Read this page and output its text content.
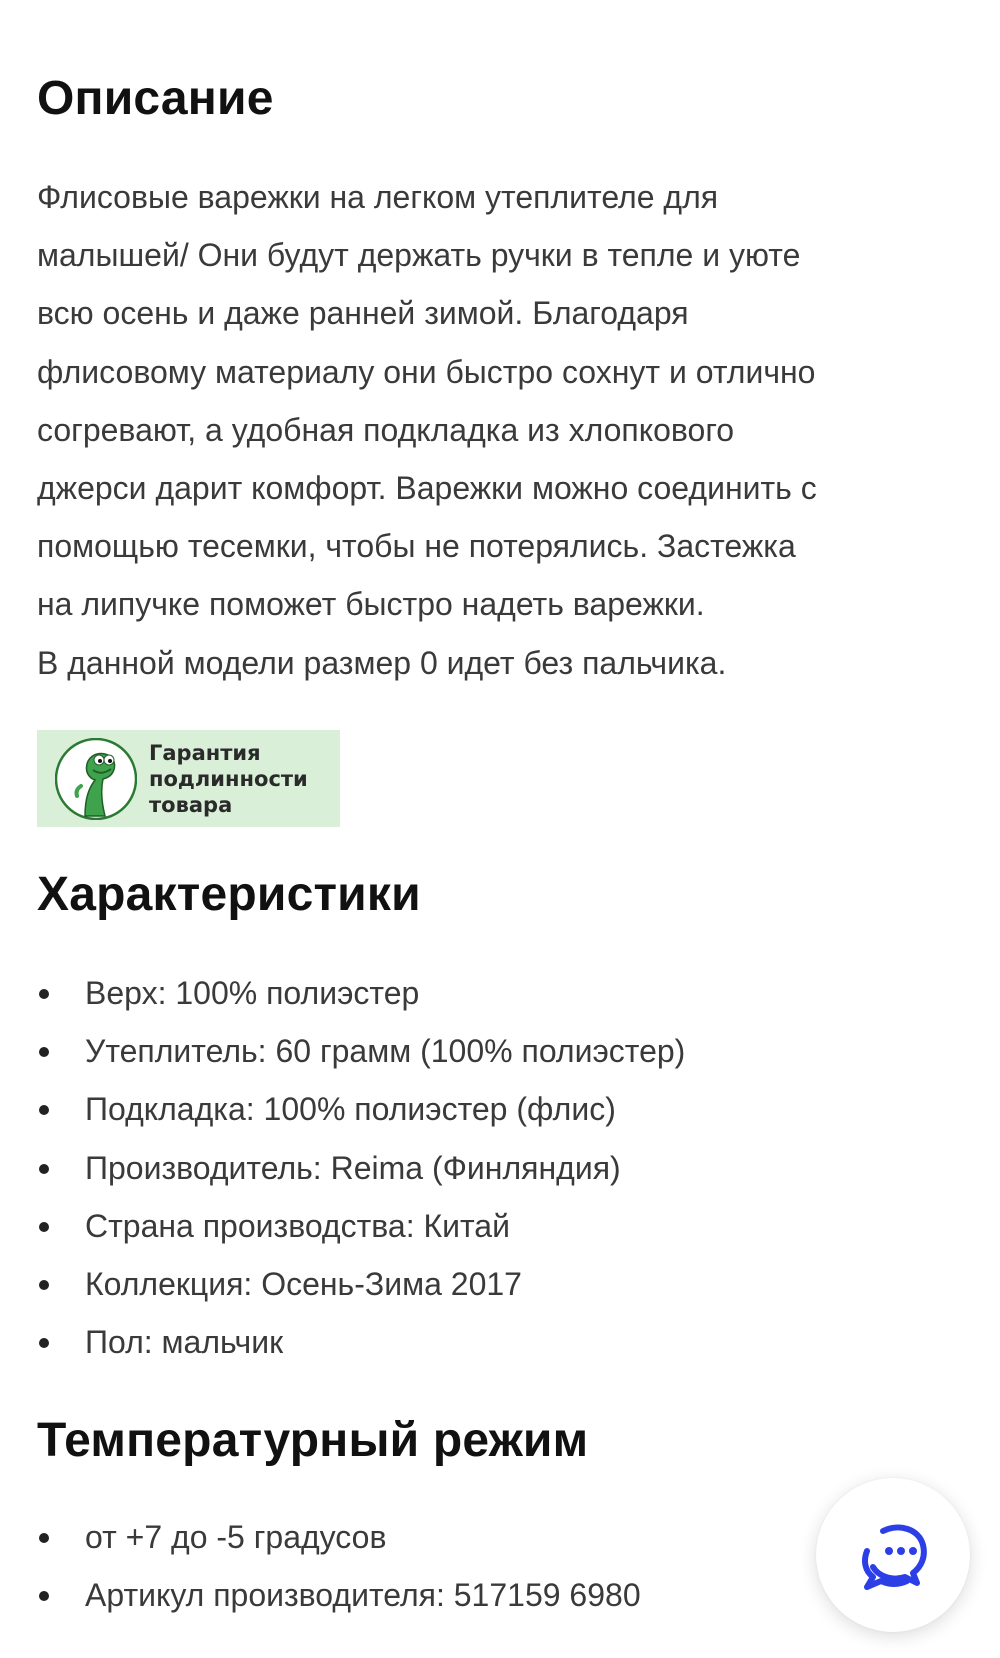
Описание

Флисовые варежки на легком утеплителе для

малышей/ Они будут держать ручки в тепле и уюте

всю осень и даже ранней зимой. Благодаря

флисовому материалу они быстро сохнут и отлично

согревают, а удобная подкладка из хлопкового

джерси дарит комфорт. Варежки можно соединить с

помощью тесемки, чтобы не потерялись. Застежка

на липучке поможет быстро надеть варежки.

В данной модели размер 0 идет без пальчика.

Гарантия
подлинности
товара
Характеристики
Верх: 100% полиэстер
Утеплитель: 60 грамм (100% полиэстер)
Подкладка: 100% полиэстер (флис)
Производитель: Reima (Финляндия)
Страна производства: Китай
Коллекция: Осень-Зима 2017
Пол: мальчик
Температурный режим
от +7 до -5 градусов
Артикул производителя: 517159 6980
